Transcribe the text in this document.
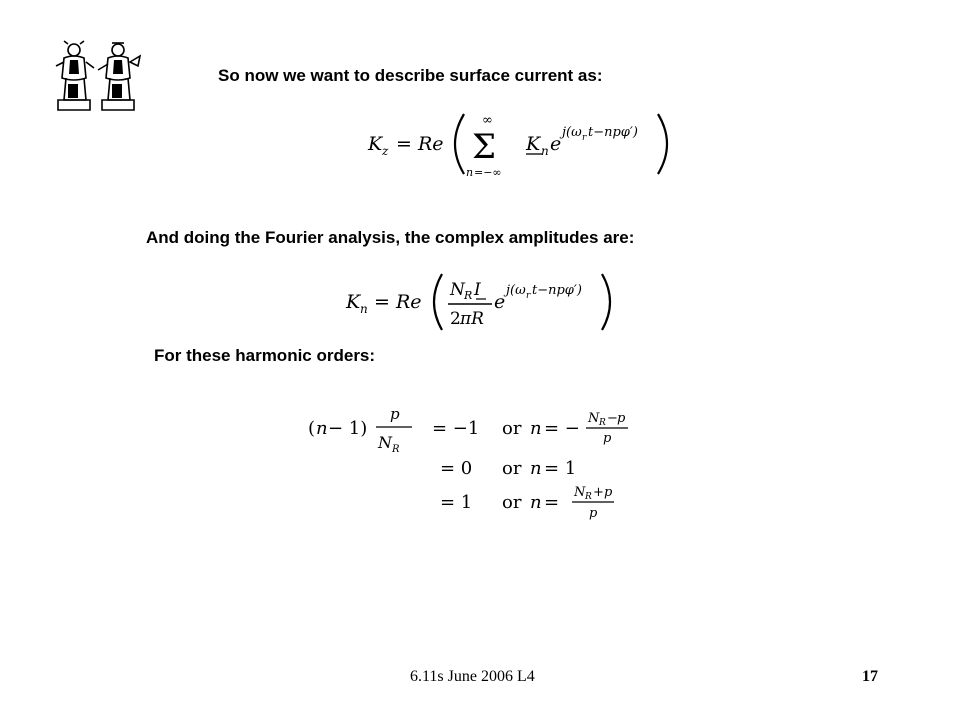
So now we want to describe surface current as:
K z = Re
∞
Σ
n =−∞
K n e
j(ω r t−npφ′)
And doing the Fourier analysis, the complex amplitudes are:
K n = Re
N R I
2 πR
e
j(ω r t−npφ′)
For these harmonic orders:
( n − 1)
p
N R
= −1 or n = − N R − p
p
= 0 or n = 1
= 1 or n = N R + p
p
6.11s June 2006 L4	17
